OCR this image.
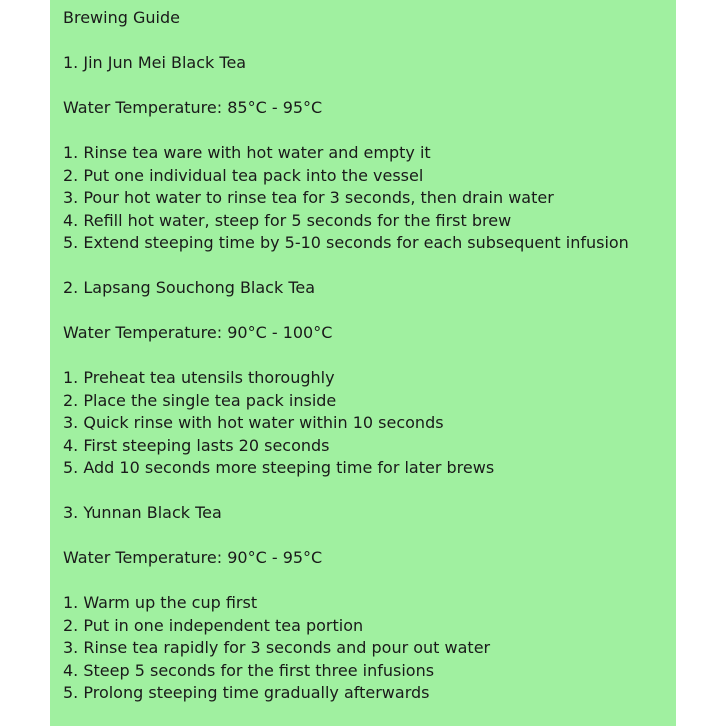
Brewing Guide
1. Jin Jun Mei Black Tea
Water Temperature: 85°C - 95°C
1. Rinse tea ware with hot water and empty it
2. Put one individual tea pack into the vessel
3. Pour hot water to rinse tea for 3 seconds, then drain water
4. Refill hot water, steep for 5 seconds for the first brew
5. Extend steeping time by 5-10 seconds for each subsequent infusion
2. Lapsang Souchong Black Tea
Water Temperature: 90°C - 100°C
1. Preheat tea utensils thoroughly
2. Place the single tea pack inside
3. Quick rinse with hot water within 10 seconds
4. First steeping lasts 20 seconds
5. Add 10 seconds more steeping time for later brews
3. Yunnan Black Tea
Water Temperature: 90°C - 95°C
1. Warm up the cup first
2. Put in one independent tea portion
3. Rinse tea rapidly for 3 seconds and pour out water
4. Steep 5 seconds for the first three infusions
5. Prolong steeping time gradually afterwards
